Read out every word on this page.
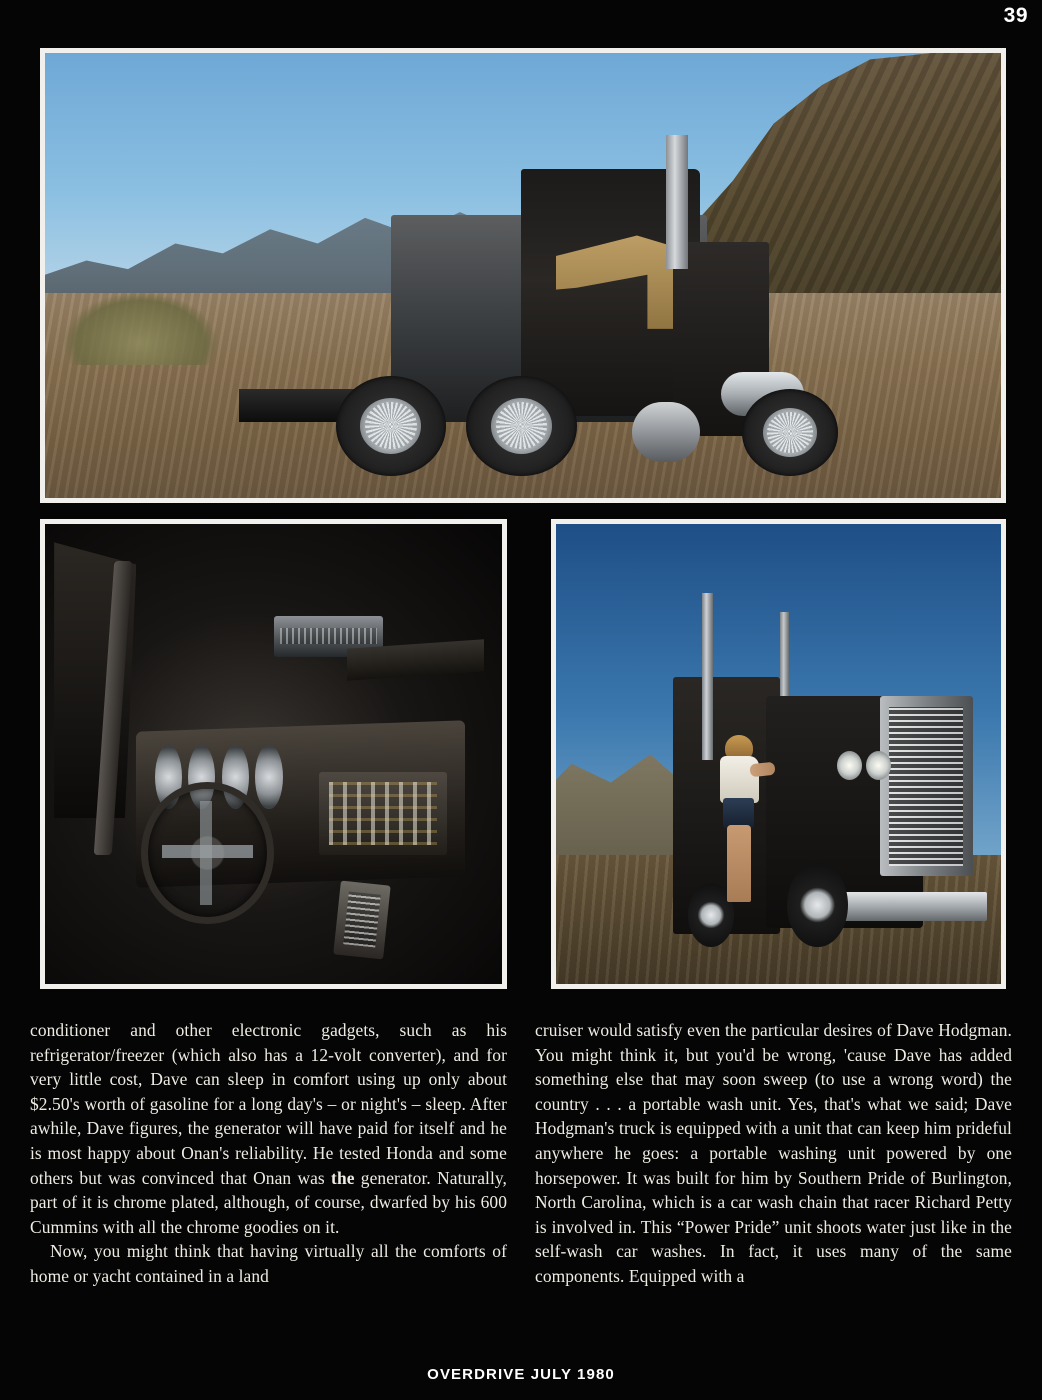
39

conditioner and other electronic gadgets, such as his refrigerator/freezer (which also has a 12-volt converter), and for very little cost, Dave can sleep in comfort using up only about $2.50's worth of gasoline for a long day's – or night's – sleep. After awhile, Dave figures, the generator will have paid for itself and he is most happy about Onan's reliability. He tested Honda and some others but was convinced that Onan was the generator. Naturally, part of it is chrome plated, although, of course, dwarfed by his 600 Cummins with all the chrome goodies on it.

Now, you might think that having virtually all the comforts of home or yacht contained in a land

cruiser would satisfy even the particular desires of Dave Hodgman. You might think it, but you'd be wrong, 'cause Dave has added something else that may soon sweep (to use a wrong word) the country . . . a portable wash unit. Yes, that's what we said; Dave Hodgman's truck is equipped with a unit that can keep him prideful anywhere he goes: a portable washing unit powered by one horsepower. It was built for him by Southern Pride of Burlington, North Carolina, which is a car wash chain that racer Richard Petty is involved in. This “Power Pride” unit shoots water just like in the self-wash car washes. In fact, it uses many of the same components. Equipped with a

OVERDRIVE JULY 1980
